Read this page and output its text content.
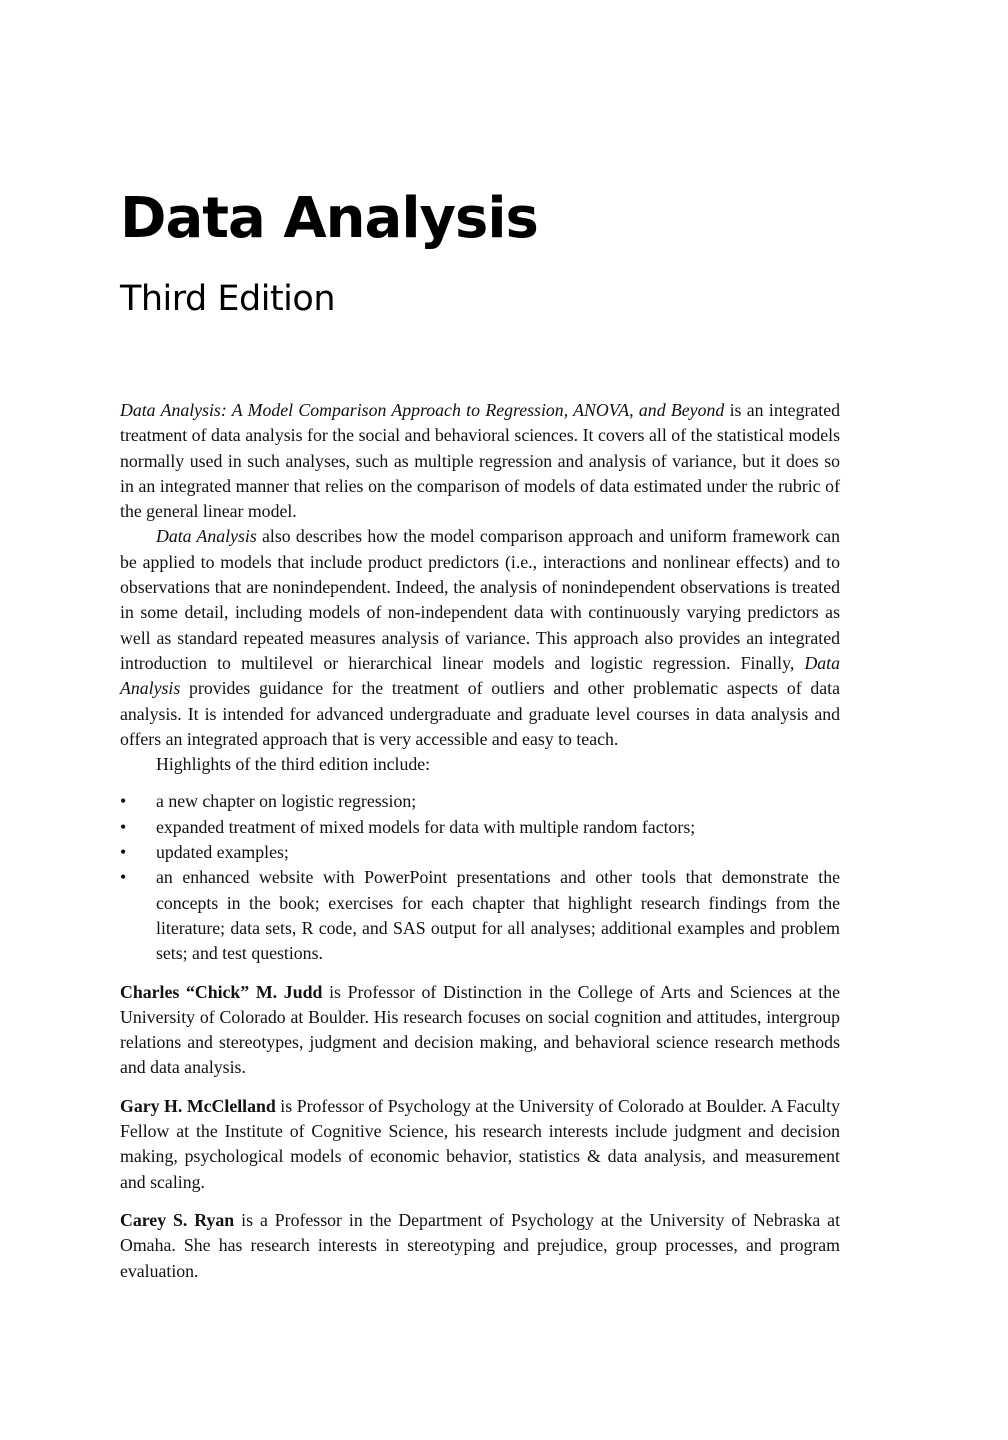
Data Analysis
Third Edition

Data Analysis: A Model Comparison Approach to Regression, ANOVA, and Beyond is an integrated treatment of data analysis for the social and behavioral sciences. It covers all of the statistical models normally used in such analyses, such as multiple regression and analysis of variance, but it does so in an integrated manner that relies on the comparison of models of data estimated under the rubric of the general linear model.

Data Analysis also describes how the model comparison approach and uniform framework can be applied to models that include product predictors (i.e., interactions and nonlinear effects) and to observations that are nonindependent. Indeed, the analysis of nonindependent observations is treated in some detail, including models of non-independent data with continuously varying predictors as well as standard repeated measures analysis of variance. This approach also provides an integrated introduction to multilevel or hierarchical linear models and logistic regression. Finally, Data Analysis provides guidance for the treatment of outliers and other problematic aspects of data analysis. It is intended for advanced undergraduate and graduate level courses in data analysis and offers an integrated approach that is very accessible and easy to teach.

Highlights of the third edition include:

• a new chapter on logistic regression;
• expanded treatment of mixed models for data with multiple random factors;
• updated examples;
• an enhanced website with PowerPoint presentations and other tools that demonstrate the concepts in the book; exercises for each chapter that highlight research findings from the literature; data sets, R code, and SAS output for all analyses; additional examples and problem sets; and test questions.

Charles “Chick” M. Judd is Professor of Distinction in the College of Arts and Sciences at the University of Colorado at Boulder. His research focuses on social cognition and attitudes, intergroup relations and stereotypes, judgment and decision making, and behavioral science research methods and data analysis.

Gary H. McClelland is Professor of Psychology at the University of Colorado at Boulder. A Faculty Fellow at the Institute of Cognitive Science, his research interests include judgment and decision making, psychological models of economic behavior, statistics & data analysis, and measurement and scaling.

Carey S. Ryan is a Professor in the Department of Psychology at the University of Nebraska at Omaha. She has research interests in stereotyping and prejudice, group processes, and program evaluation.
